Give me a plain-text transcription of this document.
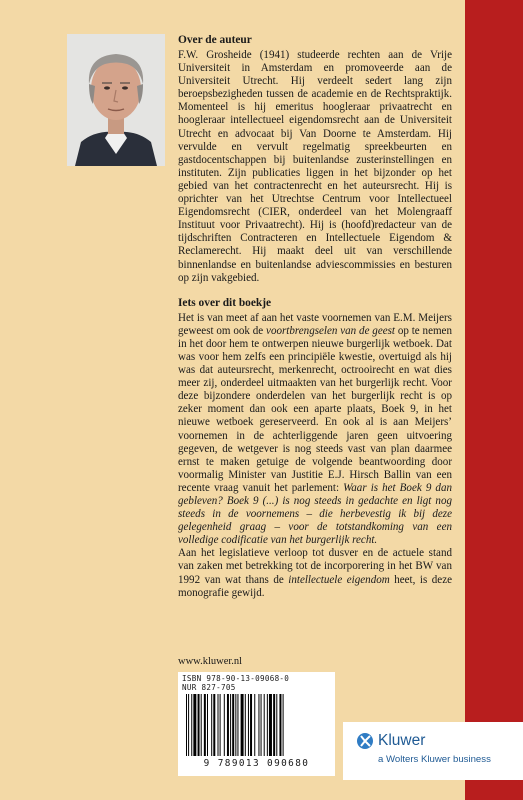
Over de auteur

F.W. Grosheide (1941) studeerde rechten aan de Vrije Universiteit in Amsterdam en promoveerde aan de Universiteit Utrecht. Hij verdeelt sedert lang zijn beroepsbezigheden tussen de academie en de Rechtspraktijk. Momenteel is hij emeritus hoogleraar privaatrecht en hoogleraar intellectueel eigendomsrecht aan de Universiteit Utrecht en advocaat bij Van Doorne te Amsterdam. Hij vervulde en vervult regelmatig spreekbeurten en gastdocentschappen bij buitenlandse zusterinstellingen en instituten. Zijn publicaties liggen in het bijzonder op het gebied van het contractenrecht en het auteursrecht. Hij is oprichter van het Utrechtse Centrum voor Intellectueel Eigendomsrecht (CIER, onderdeel van het Molengraaff Instituut voor Privaatrecht). Hij is (hoofd)redacteur van de tijdschriften Contracteren en Intellectuele Eigendom & Reclamerecht. Hij maakt deel uit van verschillende binnenlandse en buitenlandse adviescommissies en besturen op zijn vakgebied.

Iets over dit boekje

Het is van meet af aan het vaste voornemen van E.M. Meijers geweest om ook de voortbrengselen van de geest op te nemen in het door hem te ontwerpen nieuwe burgerlijk wetboek. Dat was voor hem zelfs een principiële kwestie, overtuigd als hij was dat auteursrecht, merkenrecht, octrooirecht en wat dies meer zij, onderdeel uitmaakten van het burgerlijk recht. Voor deze bijzondere onderdelen van het burgerlijk recht is op zeker moment dan ook een aparte plaats, Boek 9, in het nieuwe wetboek gereserveerd. En ook al is aan Meijers’ voornemen in de achterliggende jaren geen uitvoering gegeven, de wetgever is nog steeds vast van plan daarmee ernst te maken getuige de volgende beantwoording door voormalig Minister van Justitie E.J. Hirsch Ballin van een recente vraag vanuit het parlement: Waar is het Boek 9 dan gebleven? Boek 9 (...) is nog steeds in gedachte en ligt nog steeds in de voornemens – die herbevestig ik bij deze gelegenheid graag – voor de totstandkoming van een volledige codificatie van het burgerlijk recht.

Aan het legislatieve verloop tot dusver en de actuele stand van zaken met betrekking tot de incorporering in het BW van 1992 van wat thans de intellectuele eigendom heet, is deze monografie gewijd.

www.kluwer.nl
ISBN 978-90-13-09068-0
NUR 827-705
9 789013 090680
Kluwer
a Wolters Kluwer business
